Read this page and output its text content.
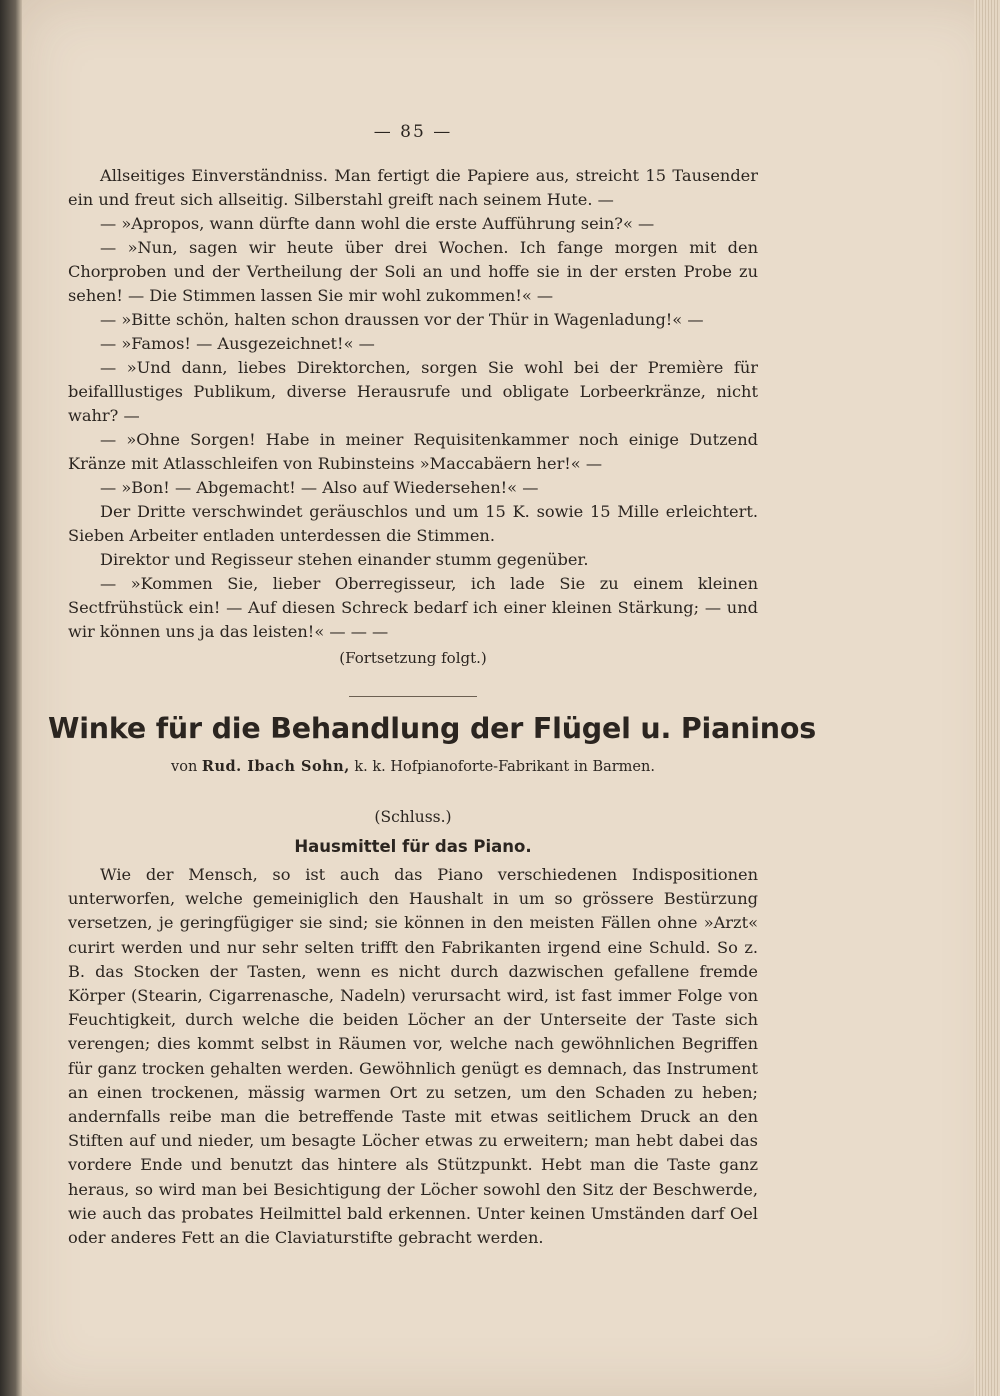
— 85 —

Allseitiges Einverständniss. Man fertigt die Papiere aus, streicht 15 Tausender ein und freut sich allseitig. Silberstahl greift nach seinem Hute. —

— »Apropos, wann dürfte dann wohl die erste Aufführung sein?« —

— »Nun, sagen wir heute über drei Wochen. Ich fange morgen mit den Chorproben und der Vertheilung der Soli an und hoffe sie in der ersten Probe zu sehen! — Die Stimmen lassen Sie mir wohl zukommen!« —

— »Bitte schön, halten schon draussen vor der Thür in Wagenladung!« —

— »Famos! — Ausgezeichnet!« —

— »Und dann, liebes Direktorchen, sorgen Sie wohl bei der Première für beifalllustiges Publikum, diverse Herausrufe und obligate Lorbeerkränze, nicht wahr? —

— »Ohne Sorgen! Habe in meiner Requisitenkammer noch einige Dutzend Kränze mit Atlasschleifen von Rubinsteins »Maccabäern her!« —

— »Bon! — Abgemacht! — Also auf Wiedersehen!« —

Der Dritte verschwindet geräuschlos und um 15 K. sowie 15 Mille erleichtert. Sieben Arbeiter entladen unterdessen die Stimmen.

Direktor und Regisseur stehen einander stumm gegenüber.

— »Kommen Sie, lieber Oberregisseur, ich lade Sie zu einem kleinen Sectfrühstück ein! — Auf diesen Schreck bedarf ich einer kleinen Stärkung; — und wir können uns ja das leisten!« — — —

(Fortsetzung folgt.)
Winke für die Behandlung der Flügel u. Pianinos
von Rud. Ibach Sohn, k. k. Hofpianoforte-Fabrikant in Barmen.
(Schluss.)
Hausmittel für das Piano.

Wie der Mensch, so ist auch das Piano verschiedenen Indispositionen unterworfen, welche gemeiniglich den Haushalt in um so grössere Bestürzung versetzen, je geringfügiger sie sind; sie können in den meisten Fällen ohne »Arzt« curirt werden und nur sehr selten trifft den Fabrikanten irgend eine Schuld. So z. B. das Stocken der Tasten, wenn es nicht durch dazwischen gefallene fremde Körper (Stearin, Cigarrenasche, Nadeln) verursacht wird, ist fast immer Folge von Feuchtigkeit, durch welche die beiden Löcher an der Unterseite der Taste sich verengen; dies kommt selbst in Räumen vor, welche nach gewöhnlichen Begriffen für ganz trocken gehalten werden. Gewöhnlich genügt es demnach, das Instrument an einen trockenen, mässig warmen Ort zu setzen, um den Schaden zu heben; andernfalls reibe man die betreffende Taste mit etwas seitlichem Druck an den Stiften auf und nieder, um besagte Löcher etwas zu erweitern; man hebt dabei das vordere Ende und benutzt das hintere als Stützpunkt. Hebt man die Taste ganz heraus, so wird man bei Besichtigung der Löcher sowohl den Sitz der Beschwerde, wie auch das probates Heilmittel bald erkennen. Unter keinen Umständen darf Oel oder anderes Fett an die Claviaturstifte gebracht werden.
